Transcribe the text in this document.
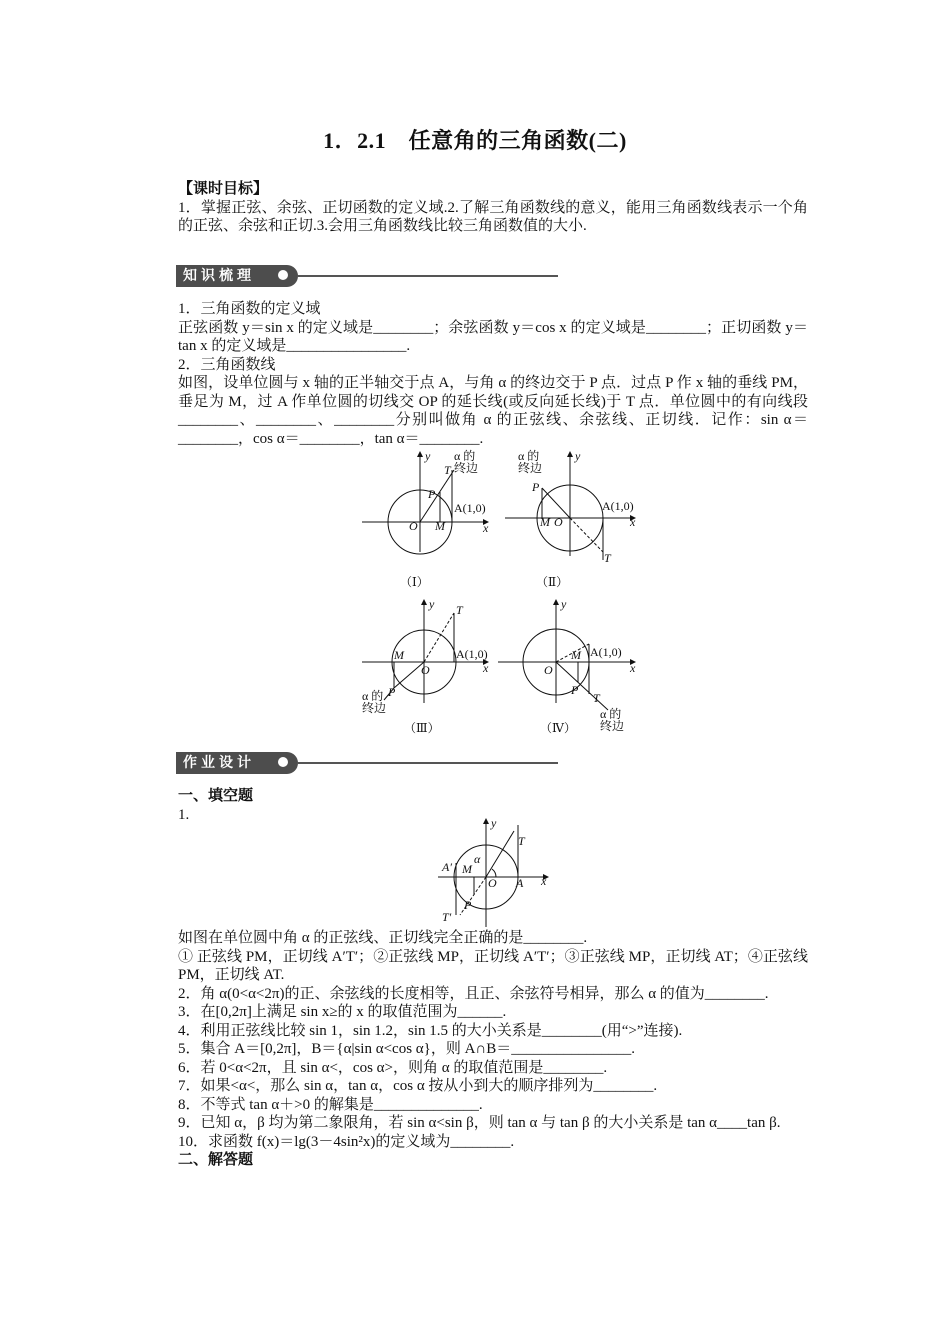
1．2.1　任意角的三角函数(二)

【课时目标】

1．掌握正弦、余弦、正切函数的定义域.2.了解三角函数线的意义，能用三角函数线表示一个角的正弦、余弦和正切.3.会用三角函数线比较三角函数值的大小.

知识梳理

1．三角函数的定义域

正弦函数 y＝sin x 的定义域是________；余弦函数 y＝cos x 的定义域是________；正切函数 y＝tan x 的定义域是________________.

2．三角函数线

如图，设单位圆与 x 轴的正半轴交于点 A，与角 α 的终边交于 P 点．过点 P 作 x 轴的垂线 PM，垂足为 M，过 A 作单位圆的切线交 OP 的延长线(或反向延长线)于 T 点．单位圆中的有向线段________、________、________分别叫做角 α 的正弦线、余弦线、正切线．记作：sin α＝________，cos α＝________，tan α＝________.

y
x
O M
P
T
A(1,0)
α 的
终边
（Ⅰ）
y
x
O
M
P
T
A(1,0)
α 的
终边
（Ⅱ）
y
x
O
M
P
T
A(1,0)
α 的
终边
（Ⅲ）
y
x
O
M
P
T
A(1,0)
α 的
终边
（Ⅳ）
作业设计

一、填空题

1.

y
x
T
A′ M
α
O A
T′
P

如图在单位圆中角 α 的正弦线、正切线完全正确的是________.

① 正弦线 PM，正切线 A′T′；②正弦线 MP，正切线 A′T′；③正弦线 MP，正切线 AT；④正弦线 PM，正切线 AT.

2．角 α(0<α<2π)的正、余弦线的长度相等，且正、余弦符号相异，那么 α 的值为________.

3．在[0,2π]上满足 sin x≥的 x 的取值范围为______.

4．利用正弦线比较 sin 1，sin 1.2，sin 1.5 的大小关系是________(用“>”连接).

5．集合 A＝[0,2π]，B＝{α|sin α<cos α}，则 A∩B＝________________.

6．若 0<α<2π，且 sin α<，cos α>，则角 α 的取值范围是________.

7．如果<α<，那么 sin α，tan α，cos α 按从小到大的顺序排列为________.

8．不等式 tan α＋>0 的解集是______________.

9．已知 α，β 均为第二象限角，若 sin α<sin β，则 tan α 与 tan β 的大小关系是 tan α____tan β.

10．求函数 f(x)＝lg(3－4sin²x)的定义域为________.

二、解答题
